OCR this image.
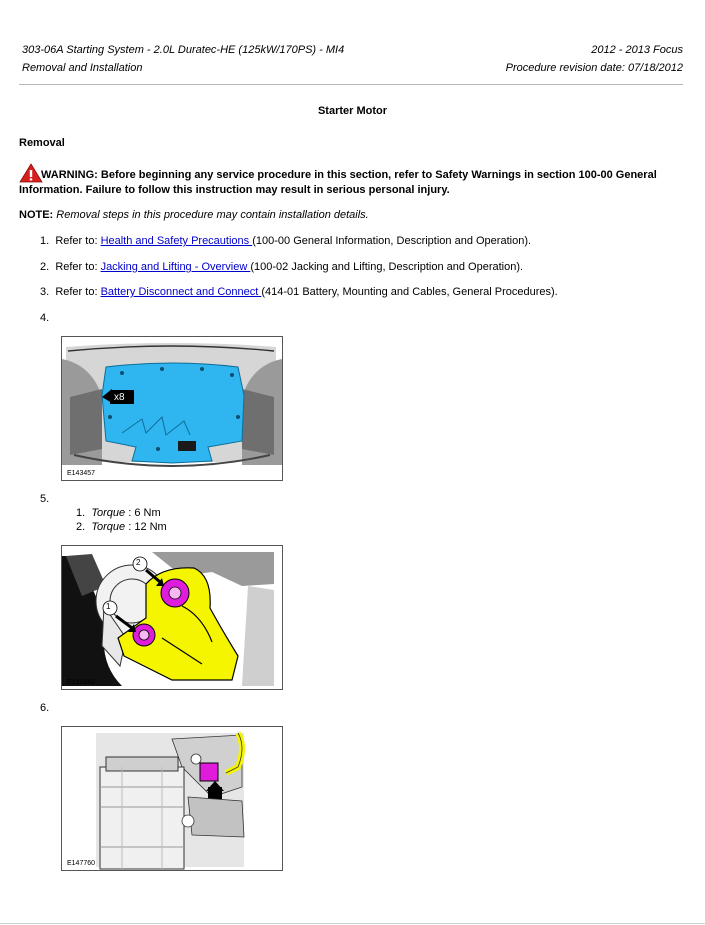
303-06A Starting System - 2.0L Duratec-HE (125kW/170PS) - MI4
Removal and Installation
2012 - 2013 Focus
Procedure revision date: 07/18/2012
Starter Motor
Removal
WARNING: Before beginning any service procedure in this section, refer to Safety Warnings in section 100-00 General
Information. Failure to follow this instruction may result in serious personal injury.
NOTE: Removal steps in this procedure may contain installation details.
1. Refer to: Health and Safety Precautions (100-00 General Information, Description and Operation).
2. Refer to: Jacking and Lifting - Overview (100-02 Jacking and Lifting, Description and Operation).
3. Refer to: Battery Disconnect and Connect (414-01 Battery, Mounting and Cables, General Procedures).
4.
x8
E143457
5.
1. Torque : 6 Nm
2. Torque : 12 Nm
2
1
E151842
6.
E147760
